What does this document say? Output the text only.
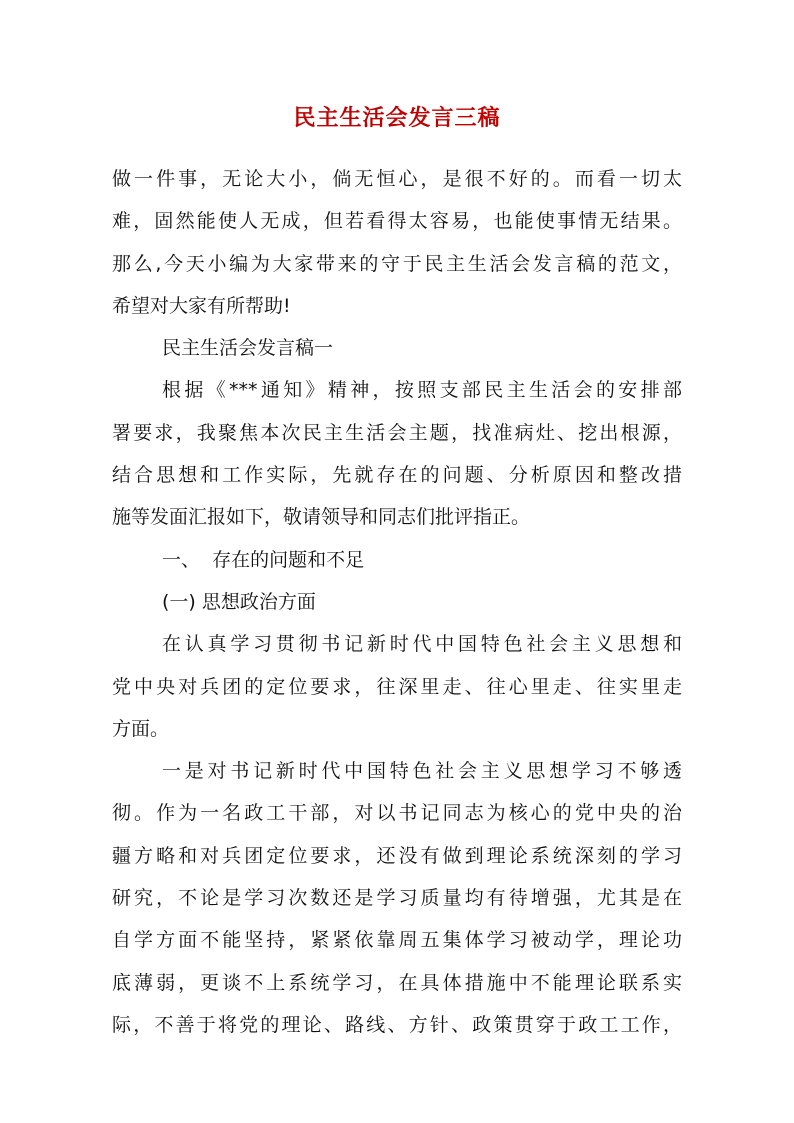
民主生活会发言三稿
做一件事，无论大小，倘无恒心，是很不好的。而看一切太
难，固然能使人无成，但若看得太容易，也能使事情无结果。
那么,今天小编为大家带来的守于民主生活会发言稿的范文，
希望对大家有所帮助!
民主生活会发言稿一
根据《***通知》精神，按照支部民主生活会的安排部
署要求，我聚焦本次民主生活会主题，找准病灶、挖出根源，
结合思想和工作实际，先就存在的问题、分析原因和整改措
施等发面汇报如下，敬请领导和同志们批评指正。
一、  存在的问题和不足
(一) 思想政治方面
在认真学习贯彻书记新时代中国特色社会主义思想和
党中央对兵团的定位要求，往深里走、往心里走、往实里走
方面。
一是对书记新时代中国特色社会主义思想学习不够透
彻。作为一名政工干部，对以书记同志为核心的党中央的治
疆方略和对兵团定位要求，还没有做到理论系统深刻的学习
研究，不论是学习次数还是学习质量均有待增强，尤其是在
自学方面不能坚持，紧紧依靠周五集体学习被动学，理论功
底薄弱，更谈不上系统学习，在具体措施中不能理论联系实
际，不善于将党的理论、路线、方针、政策贯穿于政工工作，
